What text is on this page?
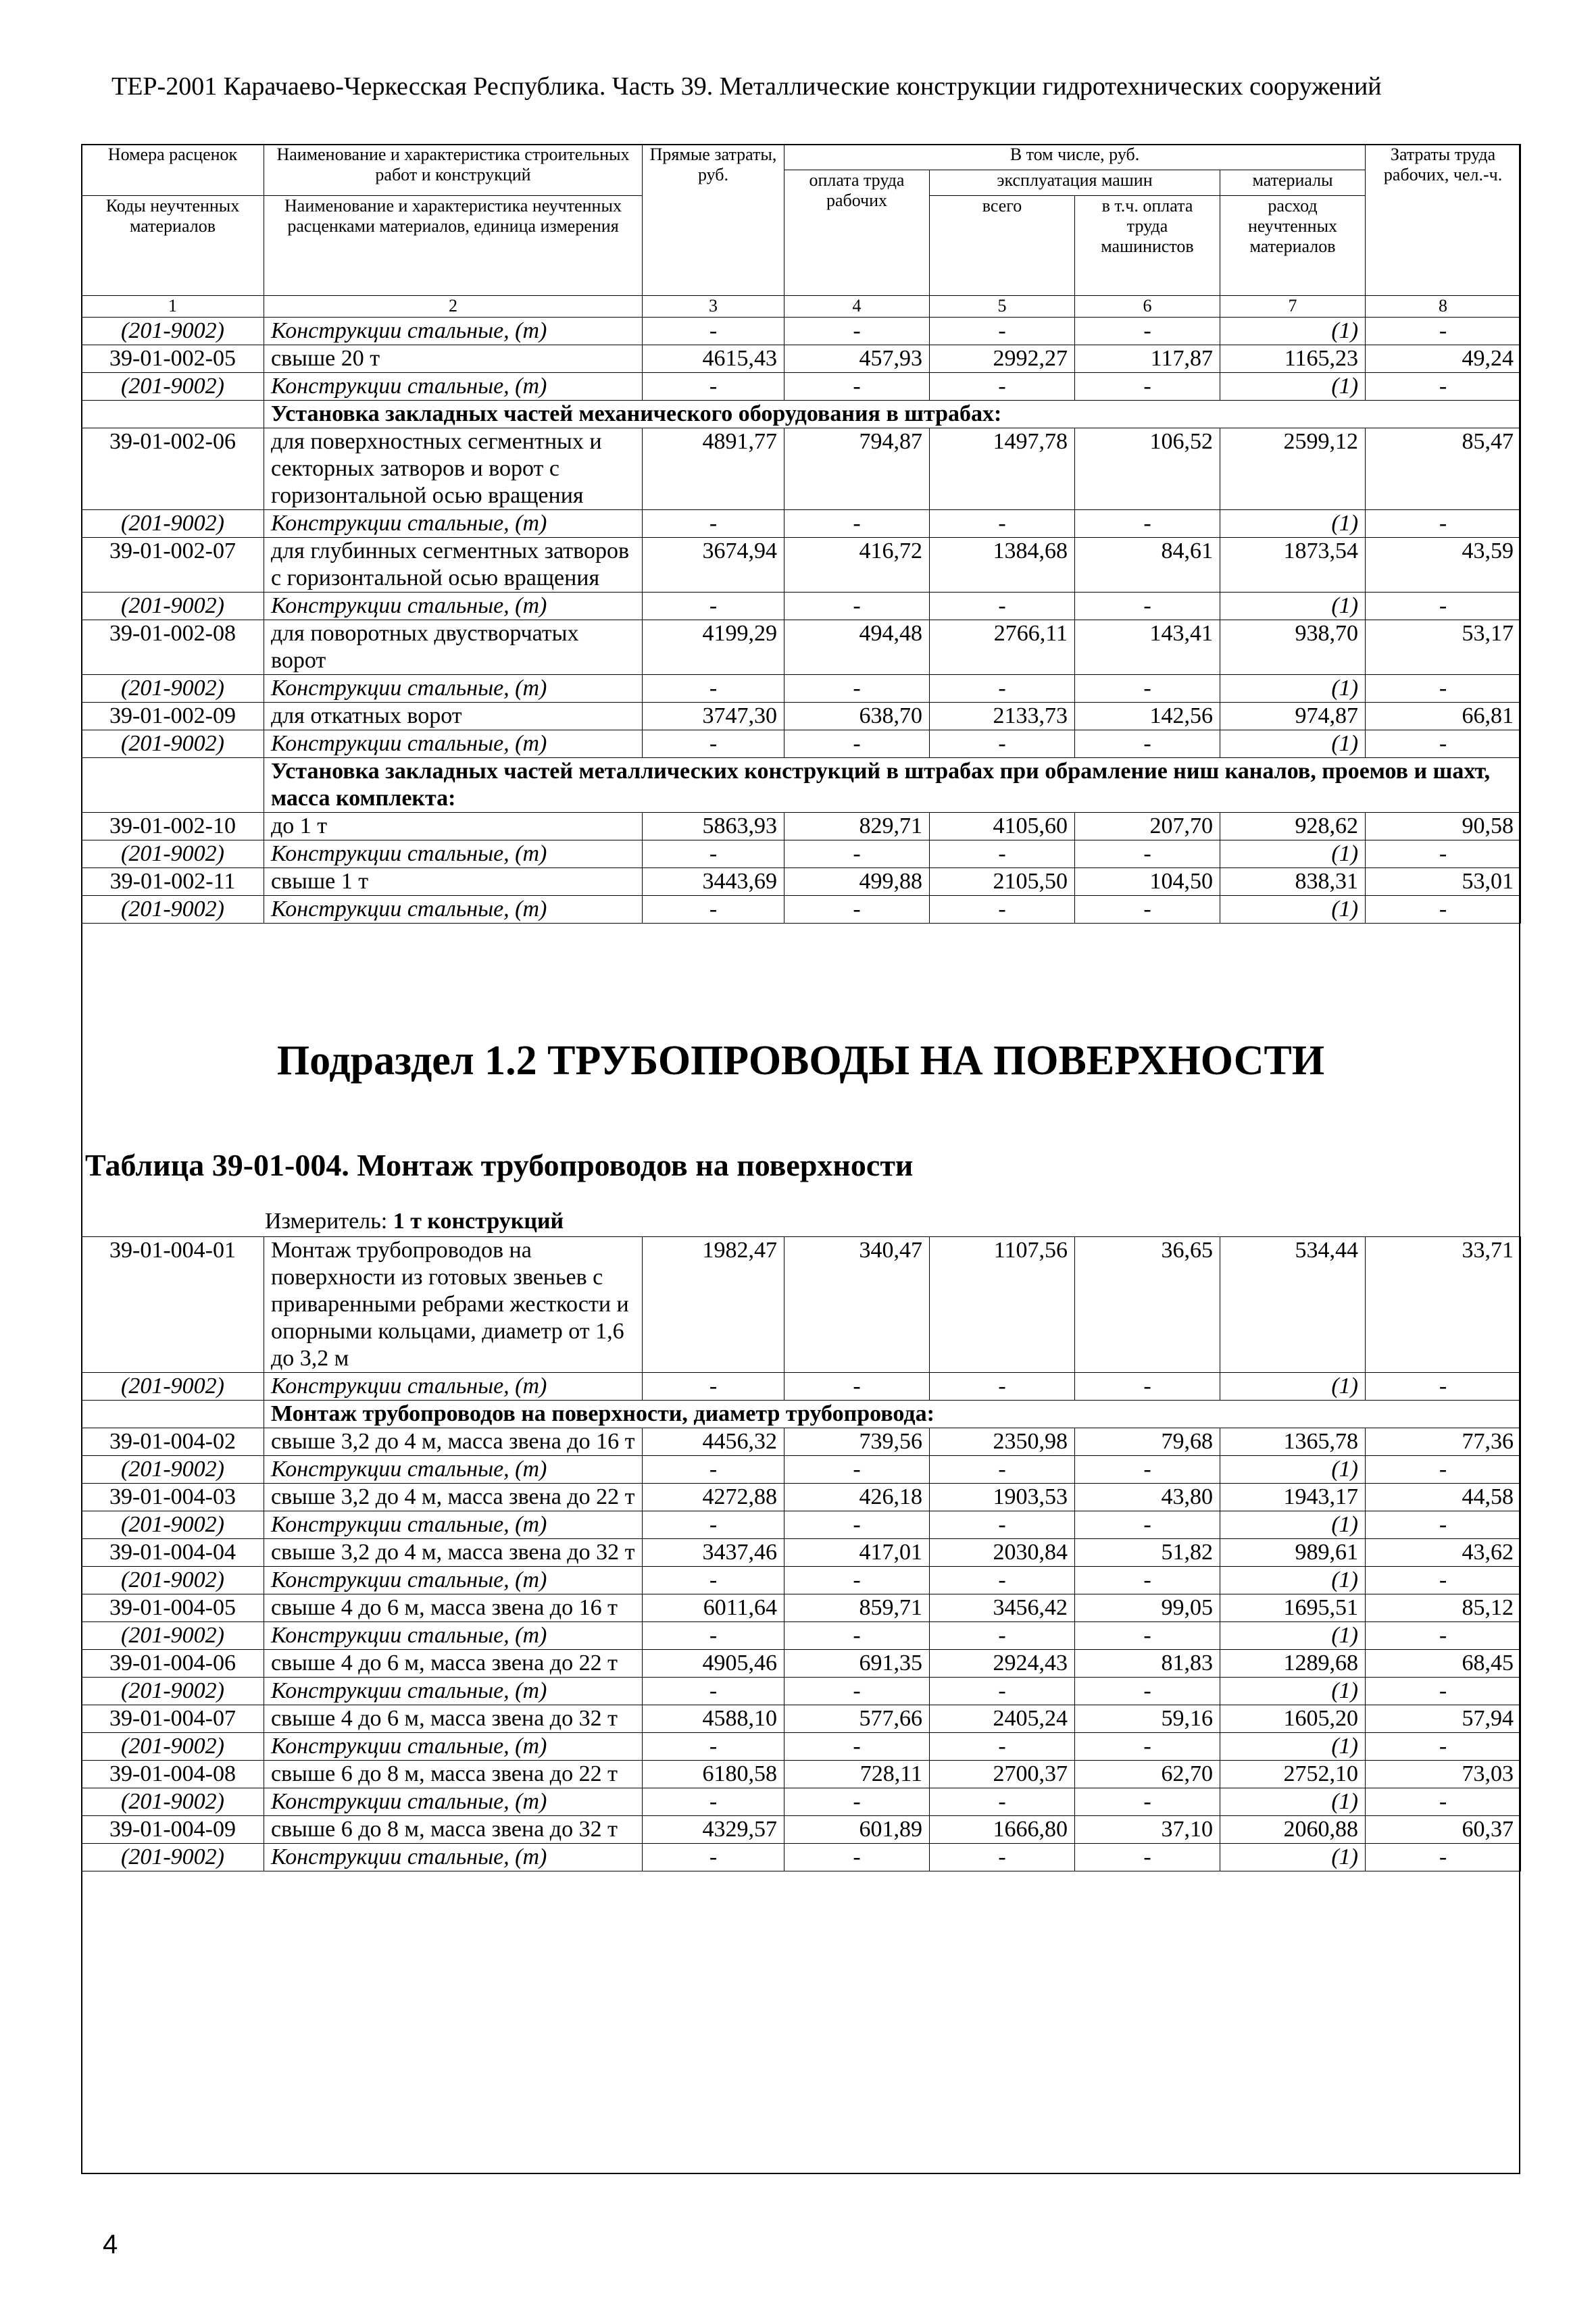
ТЕР-2001 Карачаево-Черкесская Республика. Часть 39. Металлические конструкции гидротехнических сооружений
Номера расценок	Наименование и характеристика строительных работ и конструкций	Прямые затраты, руб.	В том числе, руб.				Затраты труда рабочих, чел.-ч.
			оплата труда рабочих	эксплуатация машин		материалы	
Коды неучтенных материалов	Наименование и характеристика неучтенных расценками материалов, единица измерения			всего	в т.ч. оплата труда машинистов	расход неучтенных материалов	

1	2	3	4	5	6	7	8
(201-9002)	Конструкции стальные, (т)	-	-	-	-	(1)	-
39-01-002-05	свыше 20 т	4615,43	457,93	2992,27	117,87	1165,23	49,24
(201-9002)	Конструкции стальные, (т)	-	-	-	-	(1)	-
	Установка закладных частей механического оборудования в штрабах:						
39-01-002-06	для поверхностных сегментных и секторных затворов и ворот с горизонтальной осью вращения	4891,77	794,87	1497,78	106,52	2599,12	85,47
(201-9002)	Конструкции стальные, (т)	-	-	-	-	(1)	-
39-01-002-07	для глубинных сегментных затворов с горизонтальной осью вращения	3674,94	416,72	1384,68	84,61	1873,54	43,59
(201-9002)	Конструкции стальные, (т)	-	-	-	-	(1)	-
39-01-002-08	для поворотных двустворчатых ворот	4199,29	494,48	2766,11	143,41	938,70	53,17
(201-9002)	Конструкции стальные, (т)	-	-	-	-	(1)	-
39-01-002-09	для откатных ворот	3747,30	638,70	2133,73	142,56	974,87	66,81
(201-9002)	Конструкции стальные, (т)	-	-	-	-	(1)	-
	Установка закладных частей металлических конструкций в штрабах при обрамление ниш каналов, проемов и шахт, масса комплекта:						
39-01-002-10	до 1 т	5863,93	829,71	4105,60	207,70	928,62	90,58
(201-9002)	Конструкции стальные, (т)	-	-	-	-	(1)	-
39-01-002-11	свыше 1 т	3443,69	499,88	2105,50	104,50	838,31	53,01
(201-9002)	Конструкции стальные, (т)	-	-	-	-	(1)	-
Подраздел 1.2 ТРУБОПРОВОДЫ НА ПОВЕРХНОСТИ
Таблица 39-01-004. Монтаж трубопроводов на поверхности
Измеритель: 1 т конструкций
39-01-004-01	Монтаж трубопроводов на поверхности из готовых звеньев с приваренными ребрами жесткости и опорными кольцами, диаметр от 1,6 до 3,2 м	1982,47	340,47	1107,56	36,65	534,44	33,71
(201-9002)	Конструкции стальные, (т)	-	-	-	-	(1)	-
	Монтаж трубопроводов на поверхности, диаметр трубопровода:						
39-01-004-02	свыше 3,2 до 4 м, масса звена до 16 т	4456,32	739,56	2350,98	79,68	1365,78	77,36
(201-9002)	Конструкции стальные, (т)	-	-	-	-	(1)	-
39-01-004-03	свыше 3,2 до 4 м, масса звена до 22 т	4272,88	426,18	1903,53	43,80	1943,17	44,58
(201-9002)	Конструкции стальные, (т)	-	-	-	-	(1)	-
39-01-004-04	свыше 3,2 до 4 м, масса звена до 32 т	3437,46	417,01	2030,84	51,82	989,61	43,62
(201-9002)	Конструкции стальные, (т)	-	-	-	-	(1)	-
39-01-004-05	свыше 4 до 6 м, масса звена до 16 т	6011,64	859,71	3456,42	99,05	1695,51	85,12
(201-9002)	Конструкции стальные, (т)	-	-	-	-	(1)	-
39-01-004-06	свыше 4 до 6 м, масса звена до 22 т	4905,46	691,35	2924,43	81,83	1289,68	68,45
(201-9002)	Конструкции стальные, (т)	-	-	-	-	(1)	-
39-01-004-07	свыше 4 до 6 м, масса звена до 32 т	4588,10	577,66	2405,24	59,16	1605,20	57,94
(201-9002)	Конструкции стальные, (т)	-	-	-	-	(1)	-
39-01-004-08	свыше 6 до 8 м, масса звена до 22 т	6180,58	728,11	2700,37	62,70	2752,10	73,03
(201-9002)	Конструкции стальные, (т)	-	-	-	-	(1)	-
39-01-004-09	свыше 6 до 8 м, масса звена до 32 т	4329,57	601,89	1666,80	37,10	2060,88	60,37
(201-9002)	Конструкции стальные, (т)	-	-	-	-	(1)	-
4
